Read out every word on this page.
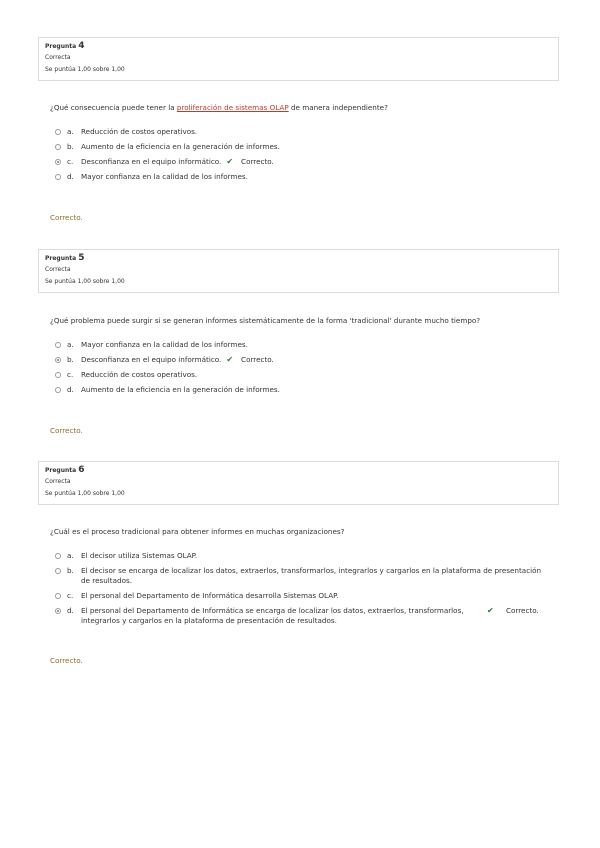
Pregunta 4
Correcta
Se puntúa 1,00 sobre 1,00
¿Qué consecuencia puede tener la proliferación de sistemas OLAP de manera independiente?
a.	Reducción de costos operativos.
b. Aumento de la eficiencia en la generación de informes.
c.	Desconfianza en el equipo informático. ✔ Correcto.
d. Mayor confianza en la calidad de los informes.
Correcto.
Pregunta 5
Correcta
Se puntúa 1,00 sobre 1,00
¿Qué problema puede surgir si se generan informes sistemáticamente de la forma 'tradicional' durante mucho tiempo?
a.	Mayor confianza en la calidad de los informes.
b. Desconfianza en el equipo informático. ✔ Correcto.
c.	Reducción de costos operativos.
d. Aumento de la eficiencia en la generación de informes.
Correcto.
Pregunta 6
Correcta
Se puntúa 1,00 sobre 1,00
¿Cuál es el proceso tradicional para obtener informes en muchas organizaciones?
a.	El decisor utiliza Sistemas OLAP.
b. El decisor se encarga de localizar los datos, extraerlos, transformarlos, integrarlos y cargarlos en la plataforma de presentación de resultados.
c.	El personal del Departamento de Informática desarrolla Sistemas OLAP.
d. El personal del Departamento de Informática se encarga de localizar los datos, extraerlos, transformarlos, integrarlos y cargarlos en la plataforma de presentación de resultados.
✔ Correcto.
Correcto.
